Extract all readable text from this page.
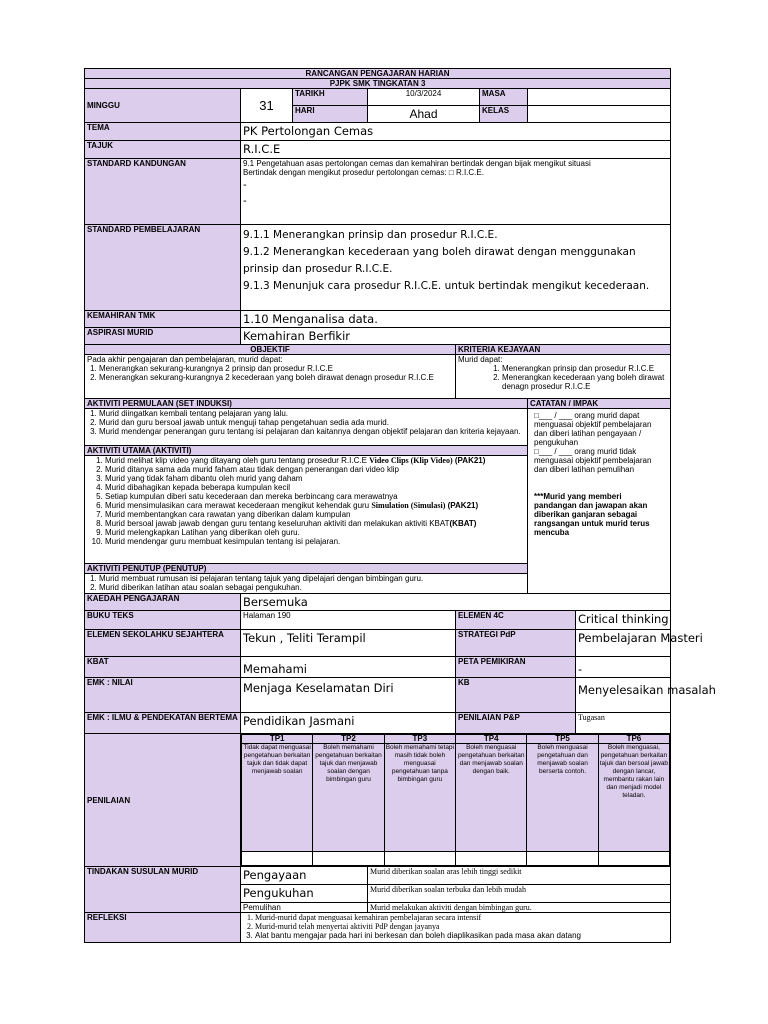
RANCANGAN PENGAJARAN HARIAN
PJPK SMK TINGKATAN 3
MINGGU	31	TARIKH	10/3/2024	MASA	
HARI	Ahad	KELAS	
TEMA	PK Pertolongan Cemas
TAJUK	R.I.C.E
STANDARD KANDUNGAN	9.1 Pengetahuan asas pertolongan cemas dan kemahiran bertindak dengan bijak mengikut situasi
Bertindak dengan mengikut prosedur pertolongan cemas: □ R.I.C.E.
-
-

STANDARD PEMBELAJARAN	9.1.1 Menerangkan prinsip dan prosedur R.I.C.E.
9.1.2 Menerangkan kecederaan yang boleh dirawat dengan menggunakan prinsip dan prosedur R.I.C.E.
9.1.3 Menunjuk cara prosedur R.I.C.E. untuk bertindak mengikut kecederaan.

KEMAHIRAN TMK	1.10 Menganalisa data.
ASPIRASI MURID	Kemahiran Berfikir
OBJEKTIF	KRITERIA KEJAYAAN

Pada akhir pengajaran dan pembelajaran, murid dapat:
1. Menerangkan sekurang-kurangnya 2 prinsip dan prosedur R.I.C.E
2. Menerangkan sekurang-kurangnya 2 kecederaan yang boleh dirawat denagn prosedur R.I.C.E

Murid dapat:
1. Menerangkan prinsip dan prosedur R.I.C.E
2. Menerangkan kecederaan yang boleh dirawat denagn prosedur R.I.C.E

AKTIVITI PERMULAAN (SET INDUKSI)	CATATAN / IMPAK
□___ / ___ orang murid dapat menguasai objektif pembelajaran dan diberi latihan pengayaan / pengukuhan
□___ / ___ orang murid tidak menguasai objektif pembelajaran dan diberi latihan pemulihan
***Murid yang memberi pandangan dan jawapan akan diberikan ganjaran sebagai rangsangan untuk murid terus mencuba

1. Murid diingatkan kembali tentang pelajaran yang lalu.
2. Murid dan guru bersoal jawab untuk menguji tahap pengetahuan sedia ada murid.
3. Murid mendengar penerangan guru tentang isi pelajaran dan kaitannya dengan objektif pelajaran dan kriteria kejayaan.

AKTIVITI UTAMA (AKTIVITI)

1. Murid melihat klip video yang ditayang oleh guru tentang prosedur R.I.C.E Video Clips (Klip Video) (PAK21)
2. Murid ditanya sama ada murid faham atau tidak dengan penerangan dari video klip
3. Murid yang tidak faham dibantu oleh murid yang daham
4. Murid dibahagikan kepada beberapa kumpulan kecil
5. Setiap kumpulan diberi satu kecederaan dan mereka berbincang cara merawatnya
6. Murid mensimulasikan cara merawat kecederaan mengikut kehendak guru Simulation (Simulasi) (PAK21)
7. Murid membentangkan cara rawatan yang diberikan dalam kumpulan
8. Murid bersoal jawab jawab dengan guru tentang keseluruhan aktiviti dan melakukan aktiviti KBAT(KBAT)
9. Murid melengkapkan Latihan yang diberikan oleh guru.
10. Murid mendengar guru membuat kesimpulan tentang isi pelajaran.

AKTIVITI PENUTUP (PENUTUP)

1. Murid membuat rumusan isi pelajaran tentang tajuk yang dipelajari dengan bimbingan guru.
2. Murid diberikan latihan atau soalan sebagai pengukuhan.

KAEDAH PENGAJARAN	Bersemuka
BUKU TEKS	Halaman 190	ELEMEN 4C	Critical thinking
ELEMEN SEKOLAHKU SEJAHTERA	Tekun , Teliti Terampil	STRATEGI PdP	Pembelajaran Masteri
KBAT	Memahami	PETA PEMIKIRAN	-
EMK : NILAI	Menjaga Keselamatan Diri	KB	Menyelesaikan masalah
EMK : ILMU & PENDEKATAN BERTEMA	Pendidikan Jasmani	PENILAIAN P&P	Tugasan
PENILAIAN	
TP1	TP2	TP3	TP4	TP5	TP6
Tidak dapat menguasai pengetahuan berkaitan tajuk dan tidak dapat menjawab soalan	Boleh memahami pengetahuan berkaitan tajuk dan menjawab soalan dengan bimbingan guru	Boleh memahami tetapi masih tidak boleh menguasai pengetahuan tanpa bimbingan guru	Boleh menguasai pengetahuan berkaitan dan menjawab soalan dengan baik.	Boleh menguasai pengetahuan dan menjawab soalan berserta contoh.	Boleh menguasai, pengetahuan berkaitan tajuk dan bersoal jawab dengan lancar, membantu rakan lain dan menjadi model teladan.

TINDAKAN SUSULAN MURID	Pengayaan	Murid diberikan soalan aras lebih tinggi sedikit
Pengukuhan	Murid diberikan soalan terbuka dan lebih mudah
Pemulihan	Murid melakukan aktiviti dengan bimbingan guru.
REFLEKSI	
1.Murid-murid dapat menguasai kemahiran pembelajaran secara intensif
2. Murid-murid telah menyertai aktiviti PdP dengan jayanya
3. Alat bantu mengajar pada hari ini berkesan dan boleh diaplikasikan pada masa akan datang
